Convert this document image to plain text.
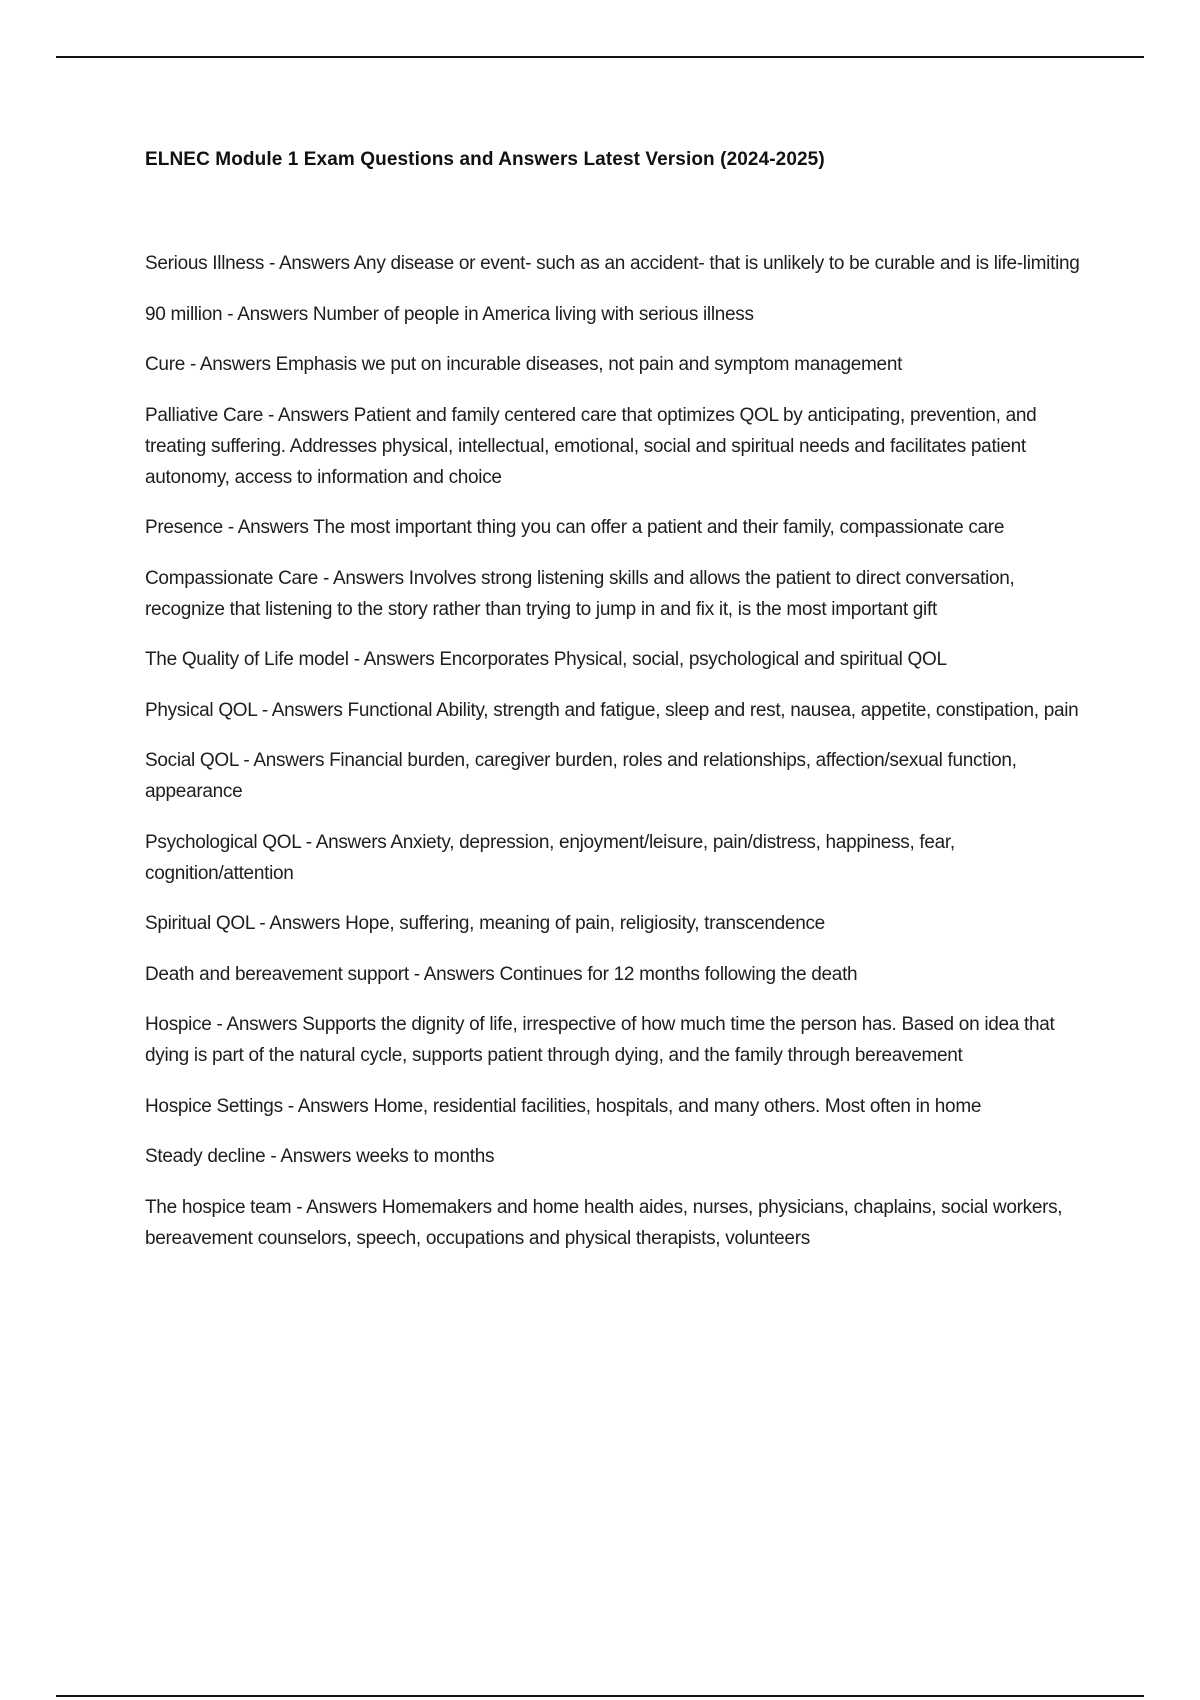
ELNEC Module 1 Exam Questions and Answers Latest Version (2024-2025)

Serious Illness - Answers Any disease or event- such as an accident- that is unlikely to be curable and is life-limiting

90 million - Answers Number of people in America living with serious illness

Cure - Answers Emphasis we put on incurable diseases, not pain and symptom management

Palliative Care - Answers Patient and family centered care that optimizes QOL by anticipating, prevention, and treating suffering. Addresses physical, intellectual, emotional, social and spiritual needs and facilitates patient autonomy, access to information and choice

Presence - Answers The most important thing you can offer a patient and their family, compassionate care

Compassionate Care - Answers Involves strong listening skills and allows the patient to direct conversation, recognize that listening to the story rather than trying to jump in and fix it, is the most important gift

The Quality of Life model - Answers Encorporates Physical, social, psychological and spiritual QOL

Physical QOL - Answers Functional Ability, strength and fatigue, sleep and rest, nausea, appetite, constipation, pain

Social QOL - Answers Financial burden, caregiver burden, roles and relationships, affection/sexual function, appearance

Psychological QOL - Answers Anxiety, depression, enjoyment/leisure, pain/distress, happiness, fear, cognition/attention

Spiritual QOL - Answers Hope, suffering, meaning of pain, religiosity, transcendence

Death and bereavement support - Answers Continues for 12 months following the death

Hospice - Answers Supports the dignity of life, irrespective of how much time the person has. Based on idea that dying is part of the natural cycle, supports patient through dying, and the family through bereavement

Hospice Settings - Answers Home, residential facilities, hospitals, and many others. Most often in home

Steady decline - Answers weeks to months

The hospice team - Answers Homemakers and home health aides, nurses, physicians, chaplains, social workers, bereavement counselors, speech, occupations and physical therapists, volunteers
